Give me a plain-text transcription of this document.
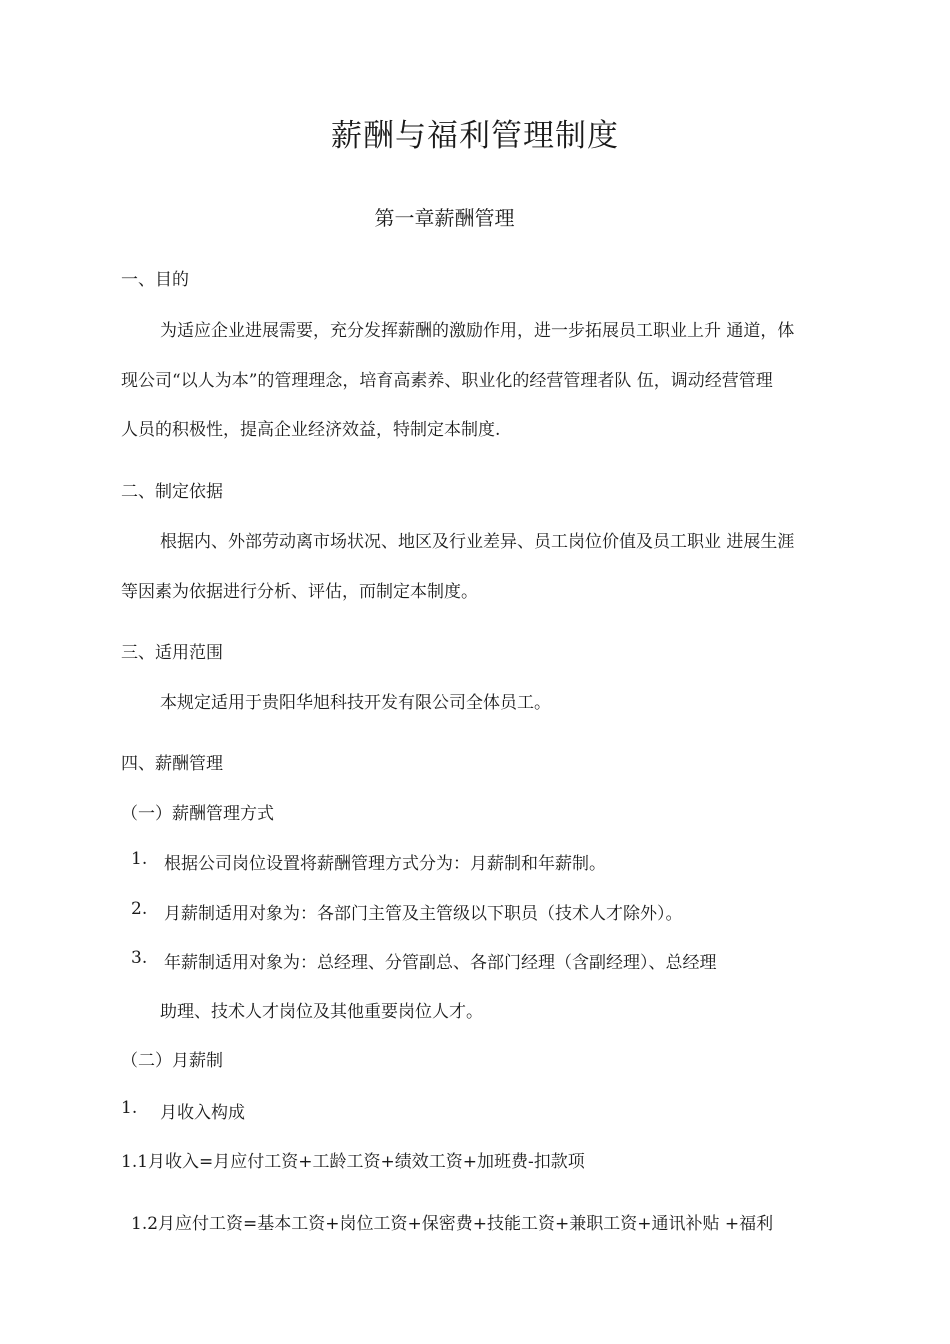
薪酬与福利管理制度
第一章薪酬管理
一、目的
为适应企业进展需要，充分发挥薪酬的激励作用，进一步拓展员工职业上升 通道，体
现公司“以人为本”的管理理念，培育高素养、职业化的经营管理者队 伍，调动经营管理
人员的积极性，提高企业经济效益，特制定本制度.
二、制定依据
根据内、外部劳动离市场状况、地区及行业差异、员工岗位价值及员工职业 进展生涯
等因素为依据进行分析、评估，而制定本制度。
三、适用范围
本规定适用于贵阳华旭科技开发有限公司全体员工。
四、薪酬管理
（一）薪酬管理方式
1. 根据公司岗位设置将薪酬管理方式分为：月薪制和年薪制。
2. 月薪制适用对象为：各部门主管及主管级以下职员（技术人才除外）。
3. 年薪制适用对象为：总经理、分管副总、各部门经理（含副经理）、总经理
助理、技术人才岗位及其他重要岗位人才。
（二）月薪制
1. 月收入构成
1.1月收入=月应付工资+工龄工资+绩效工资+加班费-扣款项
1.2月应付工资=基本工资+岗位工资+保密费+技能工资+兼职工资+通讯补贴 +福利
